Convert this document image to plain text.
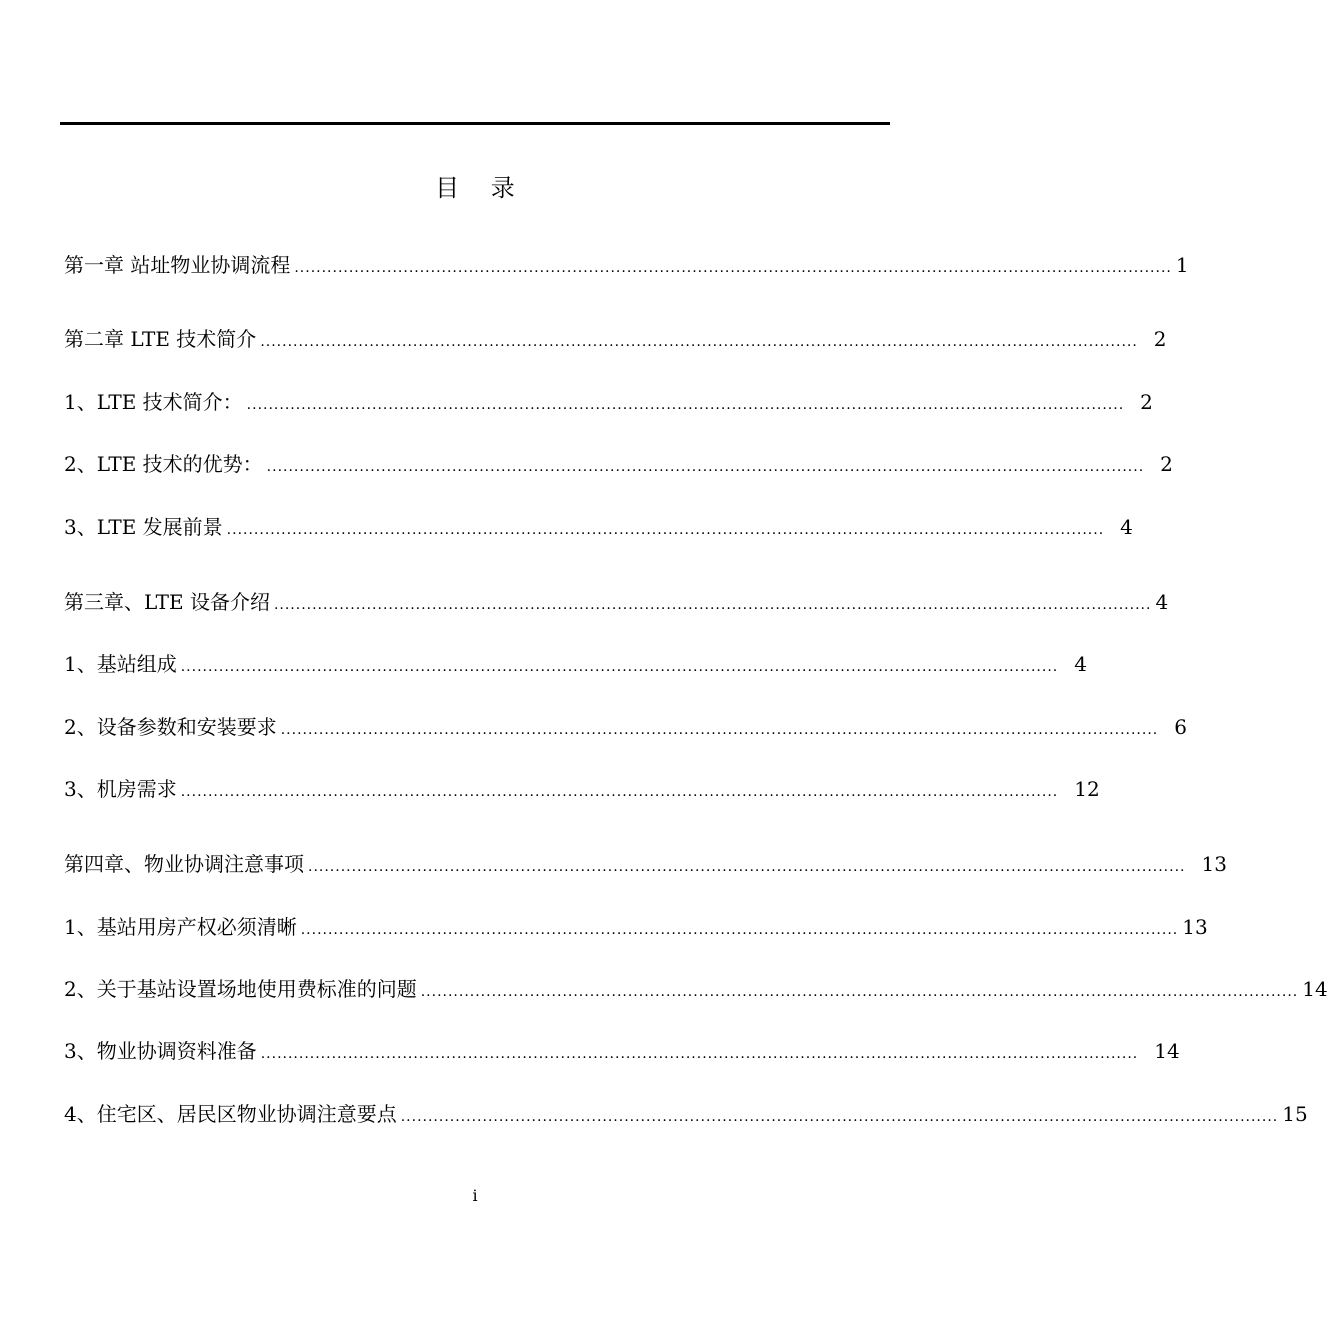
目 录
第一章 站址物业协调流程 ................................................................................................................................................................. 1
第二章 LTE 技术简介 ................................................................................................................................................................. 2
1、LTE 技术简介： ................................................................................................................................................................. 2
2、LTE 技术的优势： ................................................................................................................................................................. 2
3、LTE 发展前景 ................................................................................................................................................................. 4
第三章、LTE 设备介绍 ................................................................................................................................................................. 4
1、基站组成 ................................................................................................................................................................. 4
2、设备参数和安装要求 ................................................................................................................................................................. 6
3、机房需求 ................................................................................................................................................................. 12
第四章、物业协调注意事项 ................................................................................................................................................................. 13
1、基站用房产权必须清晰 ................................................................................................................................................................. 13
2、关于基站设置场地使用费标准的问题 ................................................................................................................................................................. 14
3、物业协调资料准备 ................................................................................................................................................................. 14
4、住宅区、居民区物业协调注意要点 ................................................................................................................................................................. 15
i
